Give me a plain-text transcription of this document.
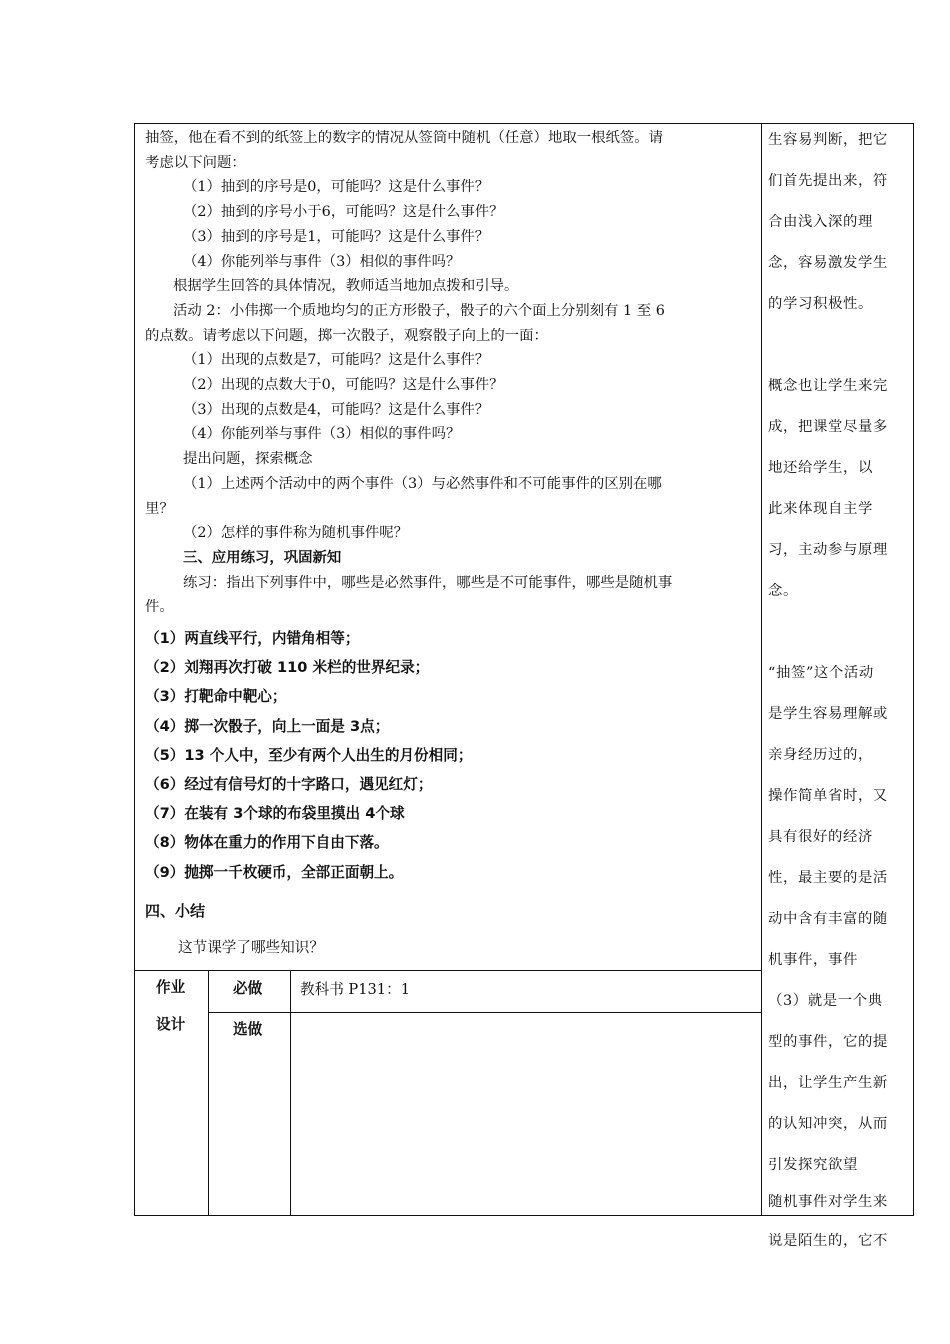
抽签，他在看不到的纸签上的数字的情况从签筒中随机（任意）地取一根纸签。请

考虑以下问题：

（1）抽到的序号是0，可能吗？这是什么事件？

（2）抽到的序号小于6，可能吗？这是什么事件？

（3）抽到的序号是1，可能吗？这是什么事件？

（4）你能列举与事件（3）相似的事件吗？

根据学生回答的具体情况，教师适当地加点拨和引导。

活动 2：小伟掷一个质地均匀的正方形骰子，骰子的六个面上分别刻有 1 至 6

的点数。请考虑以下问题，掷一次骰子，观察骰子向上的一面：

（1）出现的点数是7，可能吗？这是什么事件？

（2）出现的点数大于0，可能吗？这是什么事件？

（3）出现的点数是4，可能吗？这是什么事件？

（4）你能列举与事件（3）相似的事件吗？

提出问题，探索概念

（1）上述两个活动中的两个事件（3）与必然事件和不可能事件的区别在哪

里？

（2）怎样的事件称为随机事件呢？

三、应用练习，巩固新知

练习：指出下列事件中，哪些是必然事件，哪些是不可能事件，哪些是随机事

件。

（1）两直线平行，内错角相等；

（2）刘翔再次打破 110 米栏的世界纪录；

（3）打靶命中靶心；

（4）掷一次骰子，向上一面是 3点；

（5）13 个人中，至少有两个人出生的月份相同；

（6）经过有信号灯的十字路口，遇见红灯；

（7）在装有 3个球的布袋里摸出 4个球

（8）物体在重力的作用下自由下落。

（9）抛掷一千枚硬币，全部正面朝上。

四、小结
这节课学了哪些知识？
作业
设计
必做	教科书 P131：1
选做

生容易判断，把它

们首先提出来，符

合由浅入深的理

念，容易激发学生

的学习积极性。

概念也让学生来完

成，把课堂尽量多

地还给学生，以

此来体现自主学

习，主动参与原理

念。

“抽签”这个活动

是学生容易理解或

亲身经历过的，

操作简单省时，又

具有很好的经济

性，最主要的是活

动中含有丰富的随

机事件，事件

（3）就是一个典

型的事件，它的提

出，让学生产生新

的认知冲突，从而

引发探究欲望

随机事件对学生来

说是陌生的，它不
